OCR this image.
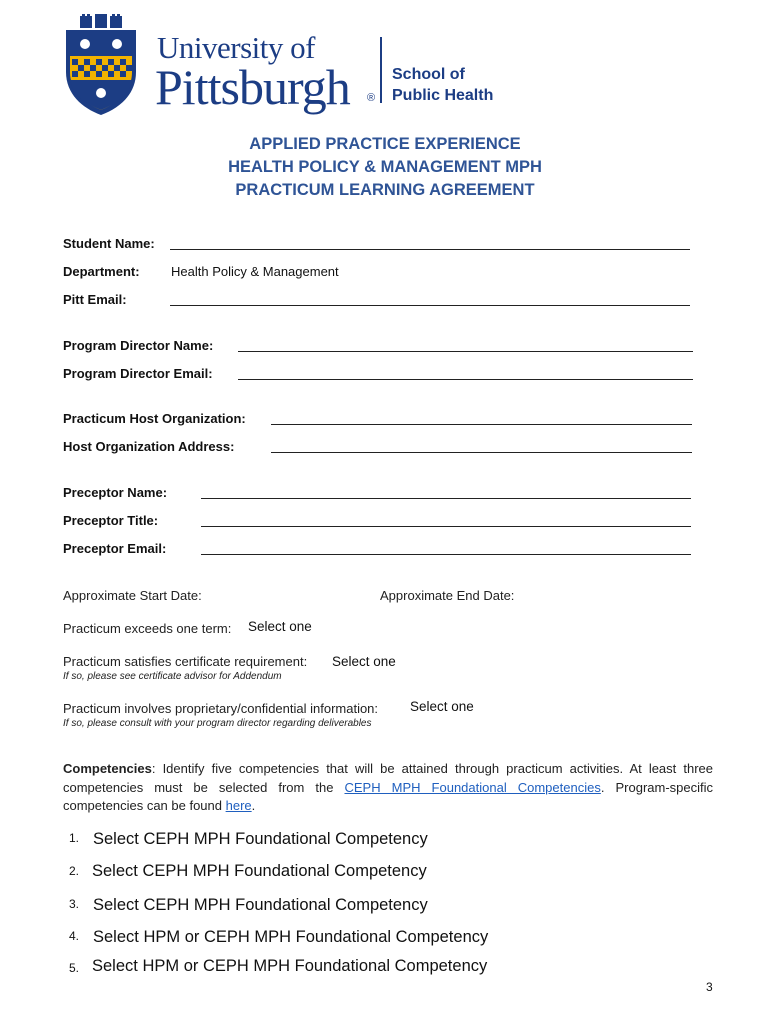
University of
Pittsburgh ®
School of
Public Health
APPLIED PRACTICE EXPERIENCE
HEALTH POLICY & MANAGEMENT MPH
PRACTICUM LEARNING AGREEMENT
Student Name:
Department: Health Policy & Management
Pitt Email:
Program Director Name:
Program Director Email:
Practicum Host Organization:
Host Organization Address:
Preceptor Name:
Preceptor Title:
Preceptor Email:
Approximate Start Date:	Approximate End Date:
Practicum exceeds one term: Select one
Practicum satisfies certificate requirement: Select one
If so, please see certificate advisor for Addendum
Practicum involves proprietary/confidential information: Select one
If so, please consult with your program director regarding deliverables
Competencies: Identify five competencies that will be attained through practicum activities. At least three competencies must be selected from the CEPH MPH Foundational Competencies. Program-specific competencies can be found here.
1. Select CEPH MPH Foundational Competency
2. Select CEPH MPH Foundational Competency
3. Select CEPH MPH Foundational Competency
4. Select HPM or CEPH MPH Foundational Competency
5. Select HPM or CEPH MPH Foundational Competency
3
